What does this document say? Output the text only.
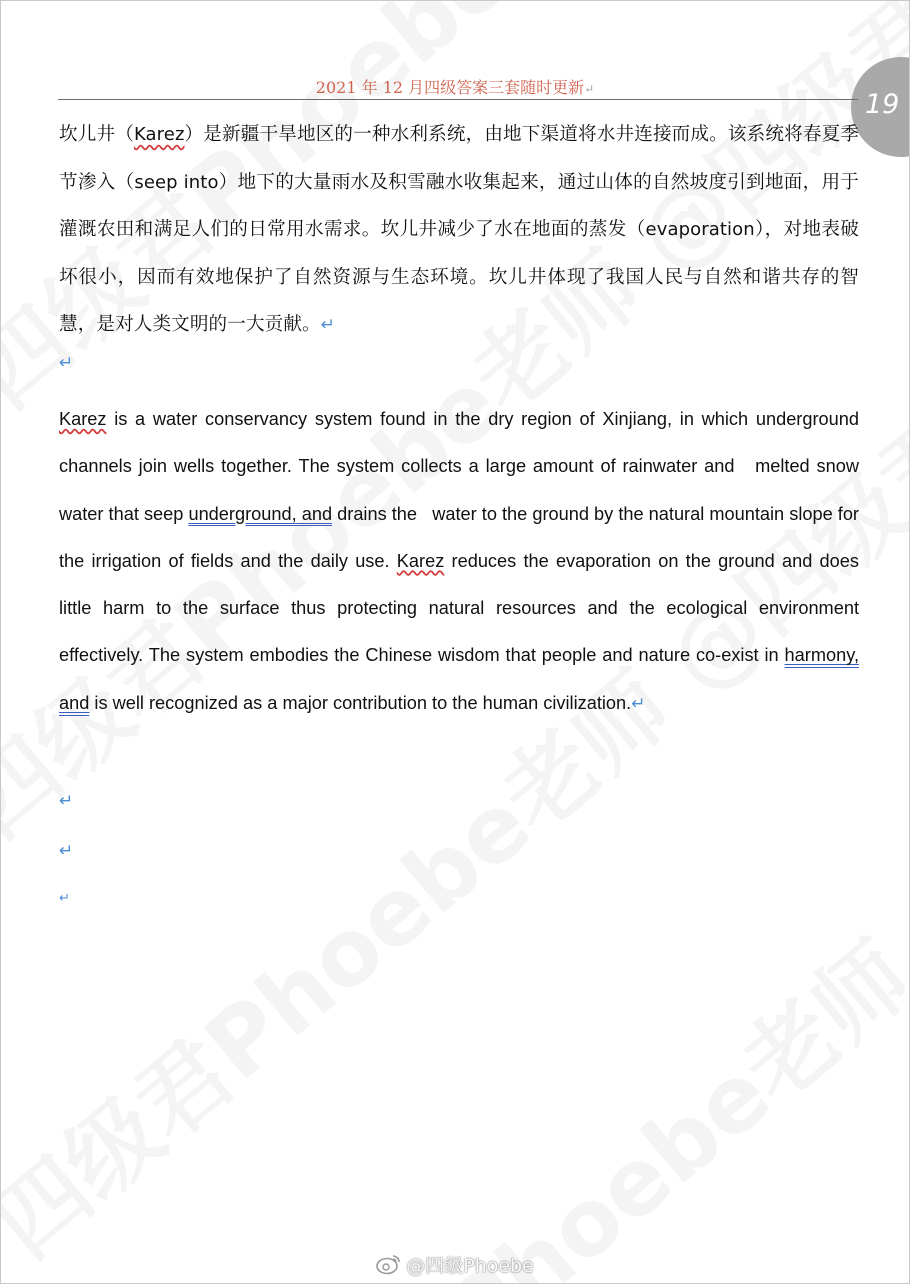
19
2021 年 12 月四级答案三套随时更新↵
坎儿井（Karez）是新疆干旱地区的一种水利系统，由地下渠道将水井连接而成。该系统将春夏季节渗入（seep into）地下的大量雨水及积雪融水收集起来，通过山体的自然坡度引到地面，用于灌溉农田和满足人们的日常用水需求。坎儿井减少了水在地面的蒸发（evaporation），对地表破坏很小，因而有效地保护了自然资源与生态环境。坎儿井体现了我国人民与自然和谐共存的智慧，是对人类文明的一大贡献。↵
↵
Karez is a water conservancy system found in the dry region of Xinjiang, in which underground channels join wells together. The system collects a large amount of rainwater and   melted snow water that seep underground, and drains the   water to the ground by the natural mountain slope for the irrigation of fields and the daily use. Karez reduces the evaporation on the ground and does little harm to the surface thus protecting natural resources and the ecological environment effectively. The system embodies the Chinese wisdom that people and nature co-exist in harmony, and is well recognized as a major contribution to the human civilization.↵
↵
↵
↵
@四级Phoebe
